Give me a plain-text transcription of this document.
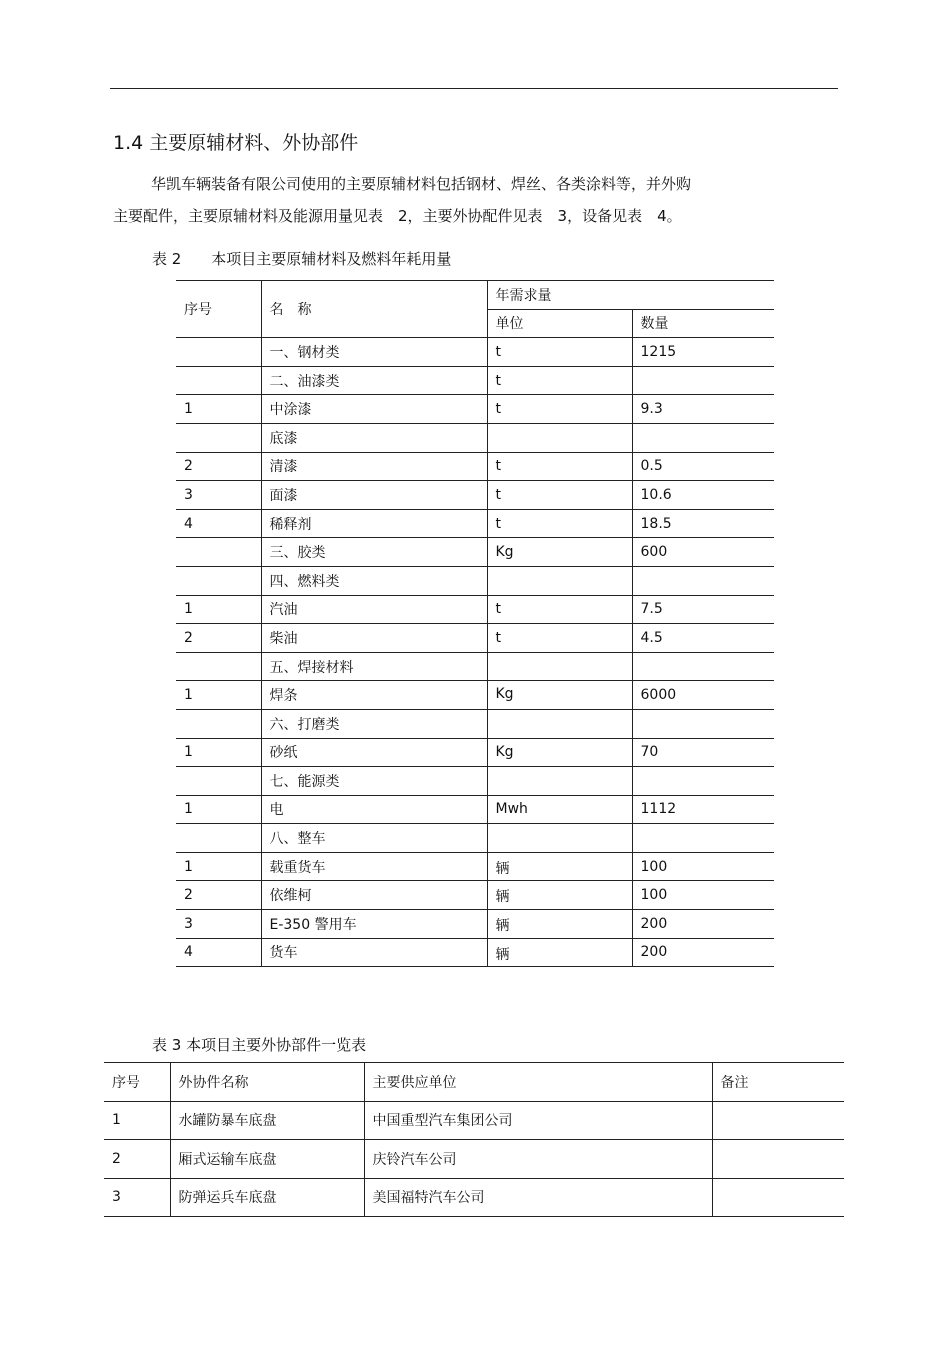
1.4 主要原辅材料、外协部件
华凯车辆装备有限公司使用的主要原辅材料包括钢材、焊丝、各类涂料等，并外购
主要配件，主要原辅材料及能源用量见表　2，主要外协配件见表　3，设备见表　4。
表 2　　本项目主要原辅材料及燃料年耗用量
序号	名　称	年需求量	
		单位	数量
	一、钢材类	t	1215
	二、油漆类	t	
1	中涂漆	t	9.3
	底漆		
2	清漆	t	0.5
3	面漆	t	10.6
4	稀释剂	t	18.5
	三、胶类	Kg	600
	四、燃料类		
1	汽油	t	7.5
2	柴油	t	4.5
	五、焊接材料		
1	焊条	Kg	6000
	六、打磨类		
1	砂纸	Kg	70
	七、能源类		
1	电	Mwh	1112
	八、整车		
1	载重货车	辆	100
2	依维柯	辆	100
3	E-350 警用车	辆	200
4	货车	辆	200
表 3 本项目主要外协部件一览表
序号	外协件名称	主要供应单位	备注
1	水罐防暴车底盘	中国重型汽车集团公司	
2	厢式运输车底盘	庆铃汽车公司	
3	防弹运兵车底盘	美国福特汽车公司	
